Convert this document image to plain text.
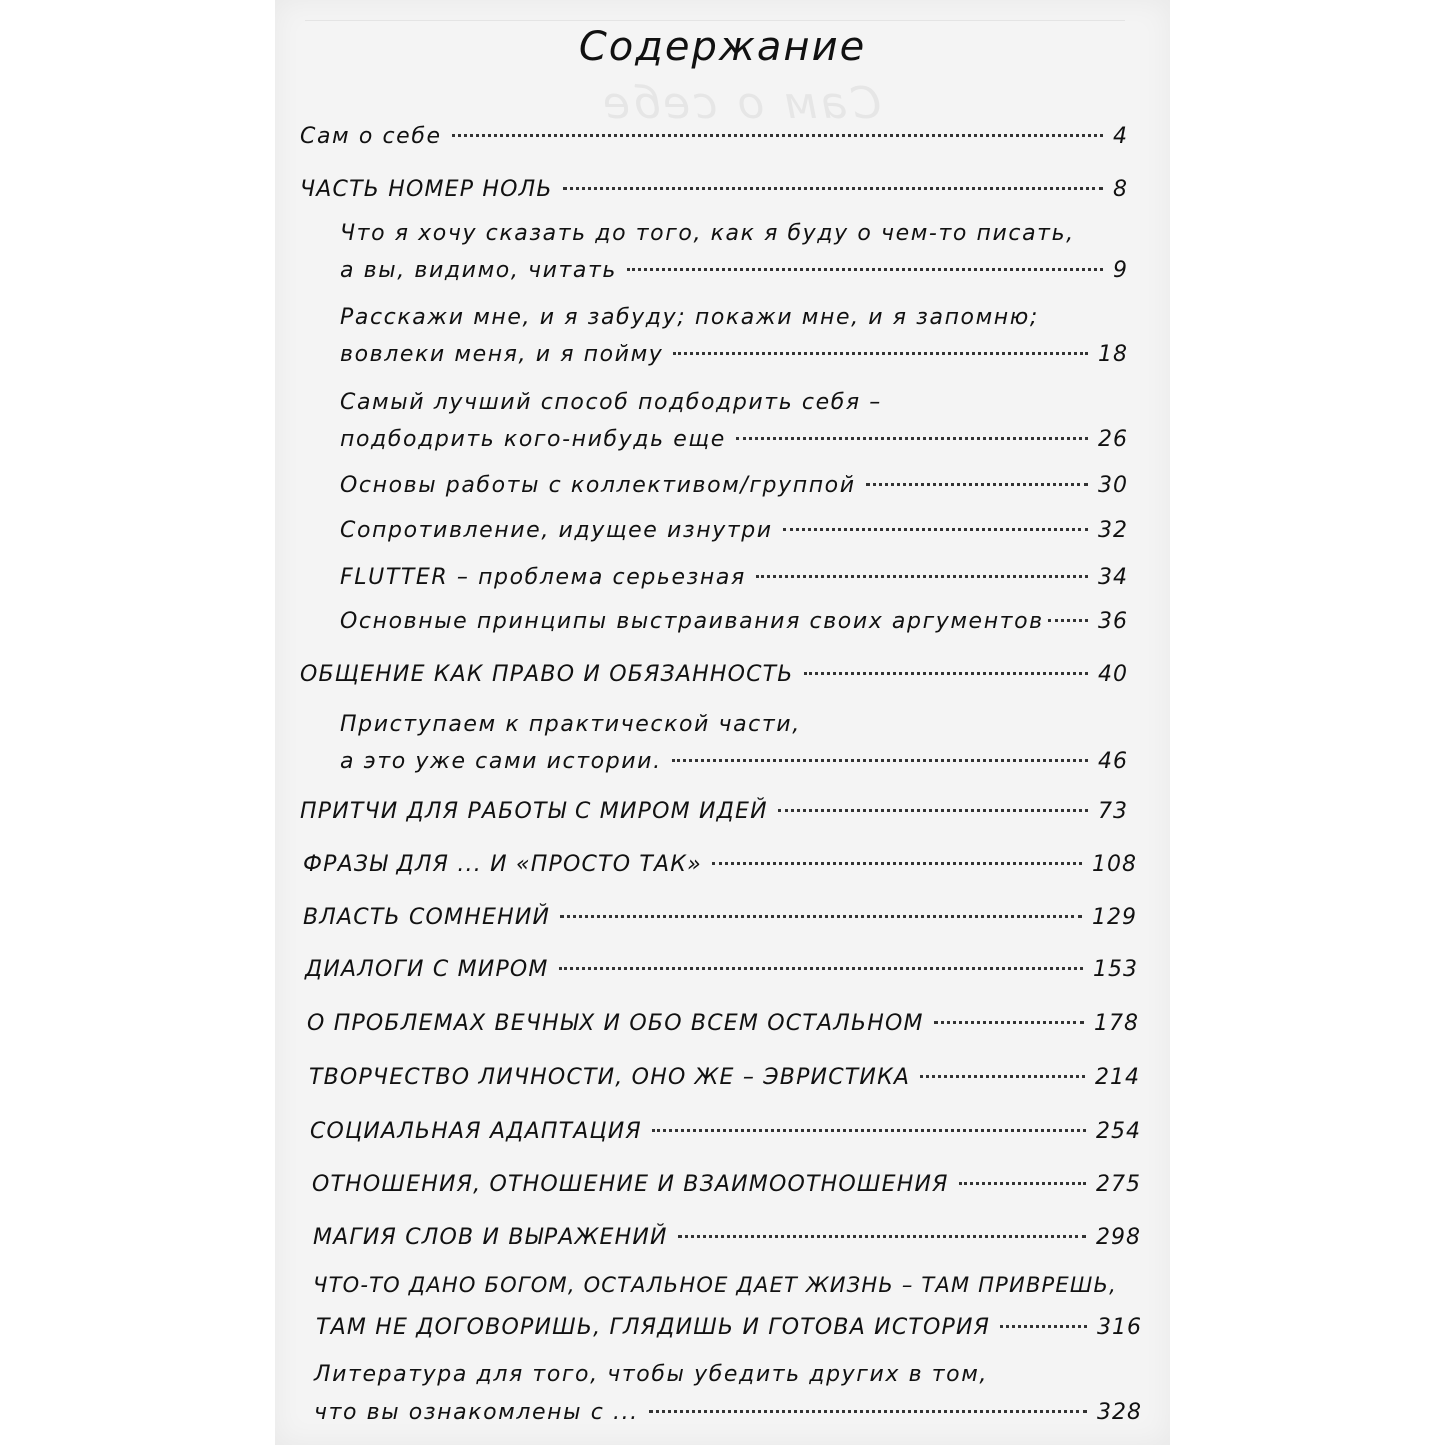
Сам о себе
Содержание
Сам о себе	4
ЧАСТЬ НОМЕР НОЛЬ	8
Что я хочу сказать до того, как я буду о чем-то писать,
а вы, видимо, читать	9
Расскажи мне, и я забуду; покажи мне, и я запомню;
вовлеки меня, и я пойму	18
Самый лучший способ подбодрить себя –
подбодрить кого-нибудь еще	26
Основы работы с коллективом/группой	30
Сопротивление, идущее изнутри	32
FLUTTER – проблема серьезная	34
Основные принципы выстраивания своих аргументов 36
ОБЩЕНИЕ КАК ПРАВО И ОБЯЗАННОСТЬ	40
Приступаем к практической части,
а это уже сами истории.	46
ПРИТЧИ ДЛЯ РАБОТЫ С МИРОМ ИДЕЙ	73
ФРАЗЫ ДЛЯ ... И «ПРОСТО ТАК»	108
ВЛАСТЬ СОМНЕНИЙ	129
ДИАЛОГИ С МИРОМ	153
О ПРОБЛЕМАХ ВЕЧНЫХ И ОБО ВСЕМ ОСТАЛЬНОМ	178
ТВОРЧЕСТВО ЛИЧНОСТИ, ОНО ЖЕ – ЭВРИСТИКА	214
СОЦИАЛЬНАЯ АДАПТАЦИЯ	254
ОТНОШЕНИЯ, ОТНОШЕНИЕ И ВЗАИМООТНОШЕНИЯ	275
МАГИЯ СЛОВ И ВЫРАЖЕНИЙ	298
ЧТО-ТО ДАНО БОГОМ, ОСТАЛЬНОЕ ДАЕТ ЖИЗНЬ – ТАМ ПРИВРЕШЬ,
ТАМ НЕ ДОГОВОРИШЬ, ГЛЯДИШЬ И ГОТОВА ИСТОРИЯ	316
Литература для того, чтобы убедить других в том,
что вы ознакомлены с ...	328
